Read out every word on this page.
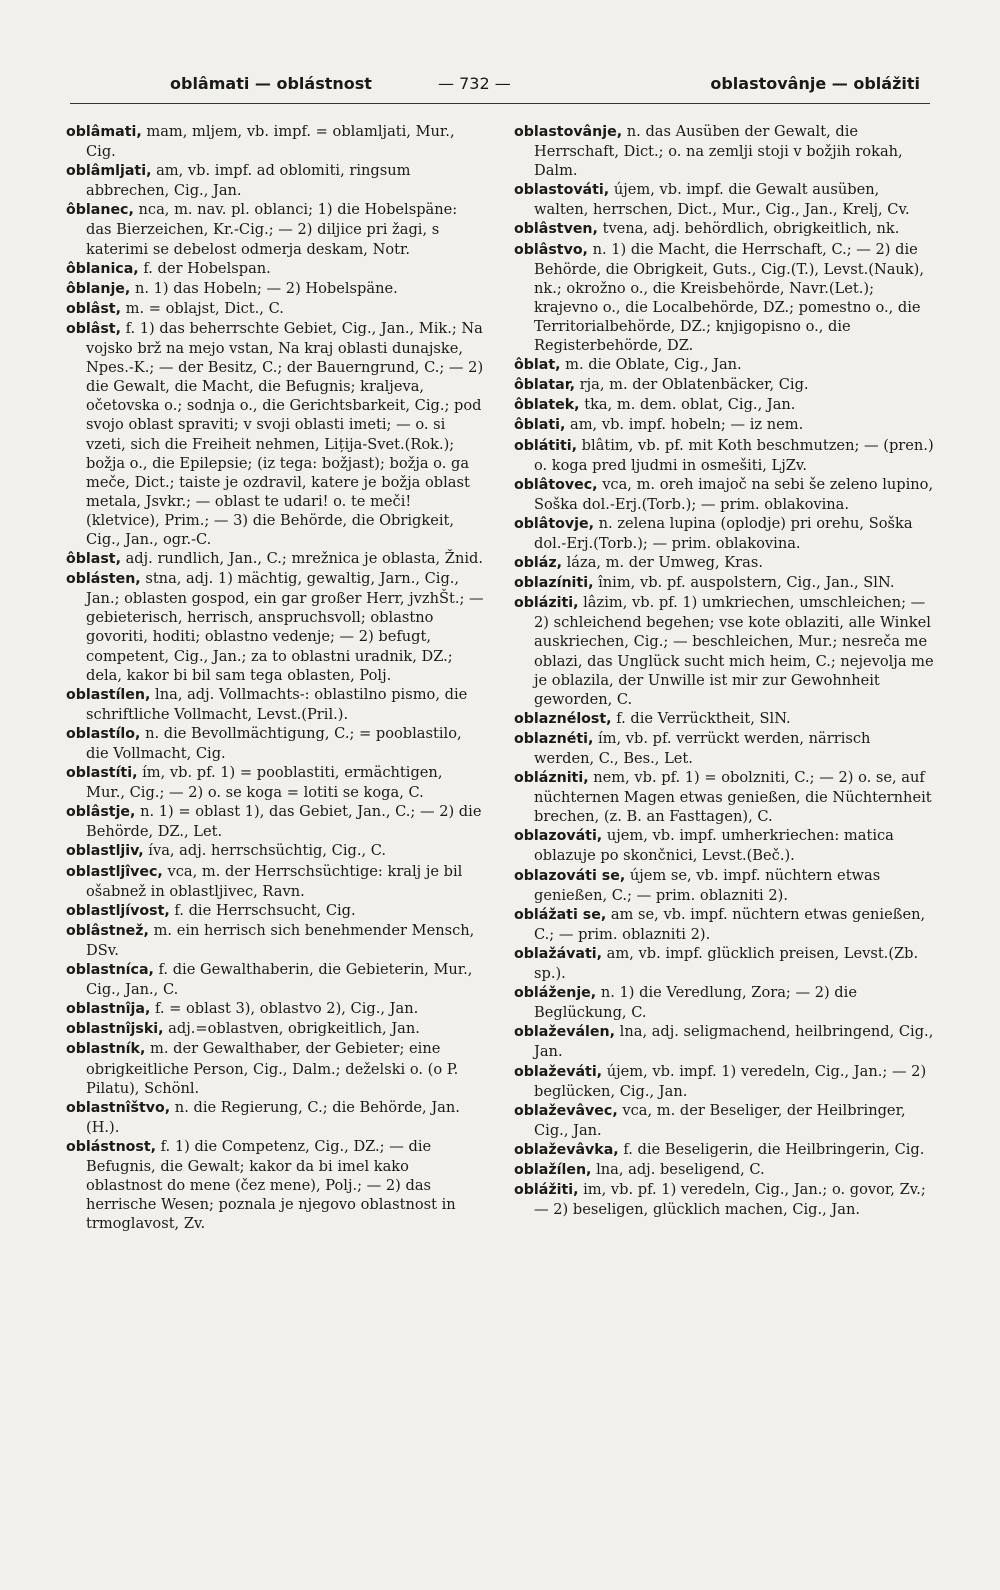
oblâmati — oblástnost	— 732 —	oblastovânje — oblážiti
oblâmati, mam, mljem, vb. impf. = oblamljati, Mur., Cig.
oblâmljati, am, vb. impf. ad oblomiti, ringsum abbrechen, Cig., Jan.
ôblanec, nca, m. nav. pl. oblanci; 1) die Hobelspäne: das Bierzeichen, Kr.-Cig.; — 2) diljice pri žagi, s katerimi se debelost odmerja deskam, Notr.
ôblanica, f. der Hobelspan.
ôblanje, n. 1) das Hobeln; — 2) Hobelspäne.
oblâst, m. = oblajst, Dict., C.
oblâst, f. 1) das beherrschte Gebiet, Cig., Jan., Mik.; Na vojsko brž na mejo vstan, Na kraj oblasti dunajske, Npes.-K.; — der Besitz, C.; der Bauerngrund, C.; — 2) die Gewalt, die Macht, die Befugnis; kraljeva, očetovska o.; sodnja o., die Gerichtsbarkeit, Cig.; pod svojo oblast spraviti; v svoji oblasti imeti; — o. si vzeti, sich die Freiheit nehmen, Lițija-Svet.(Rok.); božja o., die Epilepsie; (iz tega: božjast); božja o. ga meče, Dict.; taiste je ozdravil, katere je božja oblast metala, Jsvkr.; — oblast te udari! o. te meči! (kletvice), Prim.; — 3) die Behörde, die Obrigkeit, Cig., Jan., ogr.-C.
ôblast, adj. rundlich, Jan., C.; mrežnica je oblasta, Žnid.
oblásten, stna, adj. 1) mächtig, gewaltig, Jarn., Cig., Jan.; oblasten gospod, ein gar großer Herr, jvzhŠt.; — gebieterisch, herrisch, anspruchsvoll; oblastno govoriti, hoditi; oblastno vedenje; — 2) befugt, competent, Cig., Jan.; za to oblastni uradnik, DZ.; dela, kakor bi bil sam tega oblasten, Polj.
oblastílen, lna, adj. Vollmachts-: oblastilno pismo, die schriftliche Vollmacht, Levst.(Pril.).
oblastílo, n. die Bevollmächtigung, C.; = pooblastilo, die Vollmacht, Cig.
oblastíti, ím, vb. pf. 1) = pooblastiti, ermächtigen, Mur., Cig.; — 2) o. se koga = lotiti se koga, C.
oblâstje, n. 1) = oblast 1), das Gebiet, Jan., C.; — 2) die Behörde, DZ., Let.
oblastljiv, íva, adj. herrschsüchtig, Cig., C.
oblastljîvec, vca, m. der Herrschsüchtige: kralj je bil ošabnež in oblastljivec, Ravn.
oblastljívost, f. die Herrschsucht, Cig.
oblâstnež, m. ein herrisch sich benehmender Mensch, DSv.
oblastníca, f. die Gewalthaberin, die Gebieterin, Mur., Cig., Jan., C.
oblastnîja, f. = oblast 3), oblastvo 2), Cig., Jan.
oblastnîjski, adj.=oblastven, obrigkeitlich, Jan.
oblastník, m. der Gewalthaber, der Gebieter; eine obrigkeitliche Person, Cig., Dalm.; deželski o. (o P. Pilatu), Schönl.
oblastnîštvo, n. die Regierung, C.; die Behörde, Jan.(H.).
oblástnost, f. 1) die Competenz, Cig., DZ.; — die Befugnis, die Gewalt; kakor da bi imel kako oblastnost do mene (čez mene), Polj.; — 2) das herrische Wesen; poznala je njegovo oblastnost in trmoglavost, Zv.
oblastovânje, n. das Ausüben der Gewalt, die Herrschaft, Dict.; o. na zemlji stoji v božjih rokah, Dalm.
oblastováti, újem, vb. impf. die Gewalt ausüben, walten, herrschen, Dict., Mur., Cig., Jan., Krelj, Cv.
oblâstven, tvena, adj. behördlich, obrigkeitlich, nk.
oblâstvo, n. 1) die Macht, die Herrschaft, C.; — 2) die Behörde, die Obrigkeit, Guts., Cig.(T.), Levst.(Nauk), nk.; okrožno o., die Kreisbehörde, Navr.(Let.); krajevno o., die Localbehörde, DZ.; pomestno o., die Territorialbehörde, DZ.; knjigopisno o., die Registerbehörde, DZ.
ôblat, m. die Oblate, Cig., Jan.
ôblatar, rja, m. der Oblatenbäcker, Cig.
ôblatek, tka, m. dem. oblat, Cig., Jan.
ôblati, am, vb. impf. hobeln; — iz nem.
oblátiti, blâtim, vb. pf. mit Koth beschmutzen; — (pren.) o. koga pred ljudmi in osmešiti, LjZv.
oblâtovec, vca, m. oreh imajoč na sebi še zeleno lupino, Soška dol.-Erj.(Torb.); — prim. oblakovina.
oblâtovje, n. zelena lupina (oplodje) pri orehu, Soška dol.-Erj.(Torb.); — prim. oblakovina.
obláz, láza, m. der Umweg, Kras.
oblazíniti, înim, vb. pf. auspolstern, Cig., Jan., SlN.
obláziti, lâzim, vb. pf. 1) umkriechen, umschleichen; — 2) schleichend begehen; vse kote oblaziti, alle Winkel auskriechen, Cig.; — beschleichen, Mur.; nesreča me oblazi, das Unglück sucht mich heim, C.; nejevolja me je oblazila, der Unwille ist mir zur Gewohnheit geworden, C.
oblaznélost, f. die Verrücktheit, SlN.
oblaznéti, ím, vb. pf. verrückt werden, närrisch werden, C., Bes., Let.
oblázniti, nem, vb. pf. 1) = obolzniti, C.; — 2) o. se, auf nüchternen Magen etwas genießen, die Nüchternheit brechen, (z. B. an Fasttagen), C.
oblazováti, ujem, vb. impf. umherkriechen: matica oblazuje po skončnici, Levst.(Beč.).
oblazováti se, újem se, vb. impf. nüchtern etwas genießen, C.; — prim. oblazniti 2).
oblážati se, am se, vb. impf. nüchtern etwas genießen, C.; — prim. oblazniti 2).
oblažávati, am, vb. impf. glücklich preisen, Levst.(Zb. sp.).
obláženje, n. 1) die Veredlung, Zora; — 2) die Beglückung, C.
oblaževálen, lna, adj. seligmachend, heilbringend, Cig., Jan.
oblaževáti, újem, vb. impf. 1) veredeln, Cig., Jan.; — 2) beglücken, Cig., Jan.
oblaževâvec, vca, m. der Beseliger, der Heilbringer, Cig., Jan.
oblaževâvka, f. die Beseligerin, die Heilbringerin, Cig.
oblažílen, lna, adj. beseligend, C.
oblážiti, im, vb. pf. 1) veredeln, Cig., Jan.; o. govor, Zv.; — 2) beseligen, glücklich machen, Cig., Jan.
